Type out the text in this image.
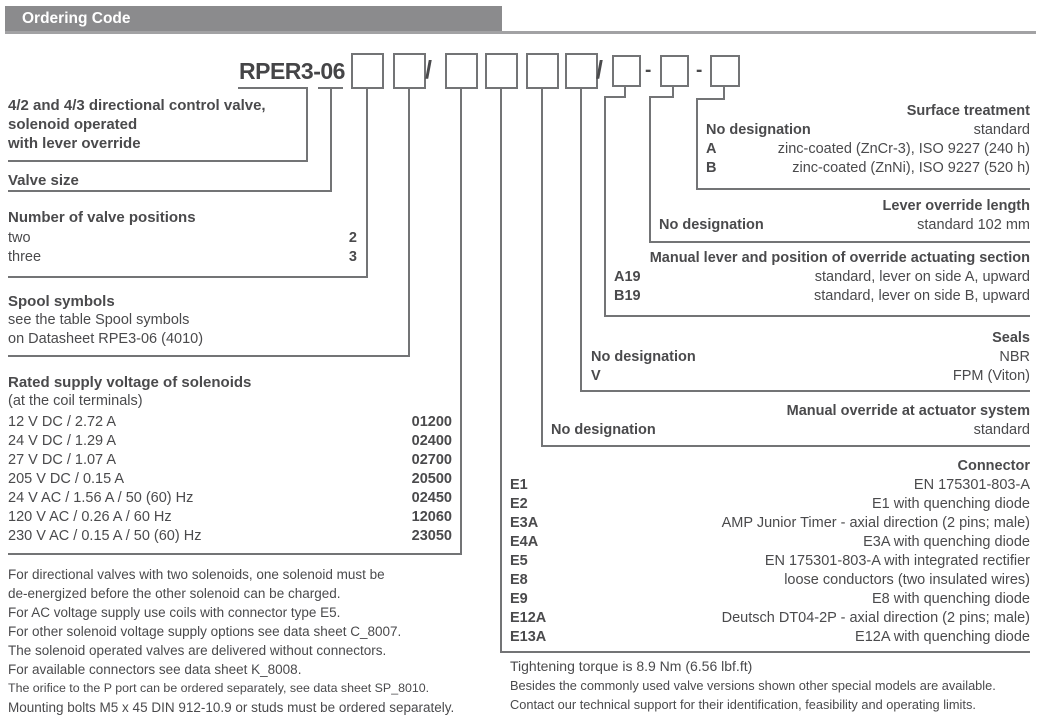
Ordering Code
RPER3-06	/	/ - -
4/2 and 4/3 directional control valve,
solenoid operated
with lever override
Valve size
Number of valve positions
two	2
three	3
Spool symbols
see the table Spool symbols
on Datasheet RPE3-06 (4010)
Rated supply voltage of solenoids
(at the coil terminals)
12 V DC / 2.72 A	01200
24 V DC / 1.29 A	02400
27 V DC / 1.07 A	02700
205 V DC / 0.15 A	20500
24 V AC / 1.56 A / 50 (60) Hz	02450
120 V AC / 0.26 A / 60 Hz	12060
230 V AC / 0.15 A / 50 (60) Hz	23050
Surface treatment
No designation	standard
A	zinc-coated (ZnCr-3), ISO 9227 (240 h)
B	zinc-coated (ZnNi), ISO 9227 (520 h)
Lever override length
No designation	standard 102 mm
Manual lever and position of override actuating section
A19	standard, lever on side A, upward
B19	standard, lever on side B, upward
Seals
No designation	NBR
V	FPM (Viton)
Manual override at actuator system
No designation	standard
Connector
E1	EN 175301-803-A
E2	E1 with quenching diode
E3A	AMP Junior Timer - axial direction (2 pins; male)
E4A	E3A with quenching diode
E5	EN 175301-803-A with integrated rectifier
E8	loose conductors (two insulated wires)
E9	E8 with quenching diode
E12A	Deutsch DT04-2P - axial direction (2 pins; male)
E13A	E12A with quenching diode
For directional valves with two solenoids, one solenoid must be
de-energized before the other solenoid can be charged.
For AC voltage supply use coils with connector type E5.
For other solenoid voltage supply options see data sheet C_8007.
The solenoid operated valves are delivered without connectors.
For available connectors see data sheet K_8008.
The orifice to the P port can be ordered separately, see data sheet SP_8010.
Mounting bolts M5 x 45 DIN 912-10.9 or studs must be ordered separately.
Tightening torque is 8.9 Nm (6.56 lbf.ft)
Besides the commonly used valve versions shown other special models are available.
Contact our technical support for their identification, feasibility and operating limits.
